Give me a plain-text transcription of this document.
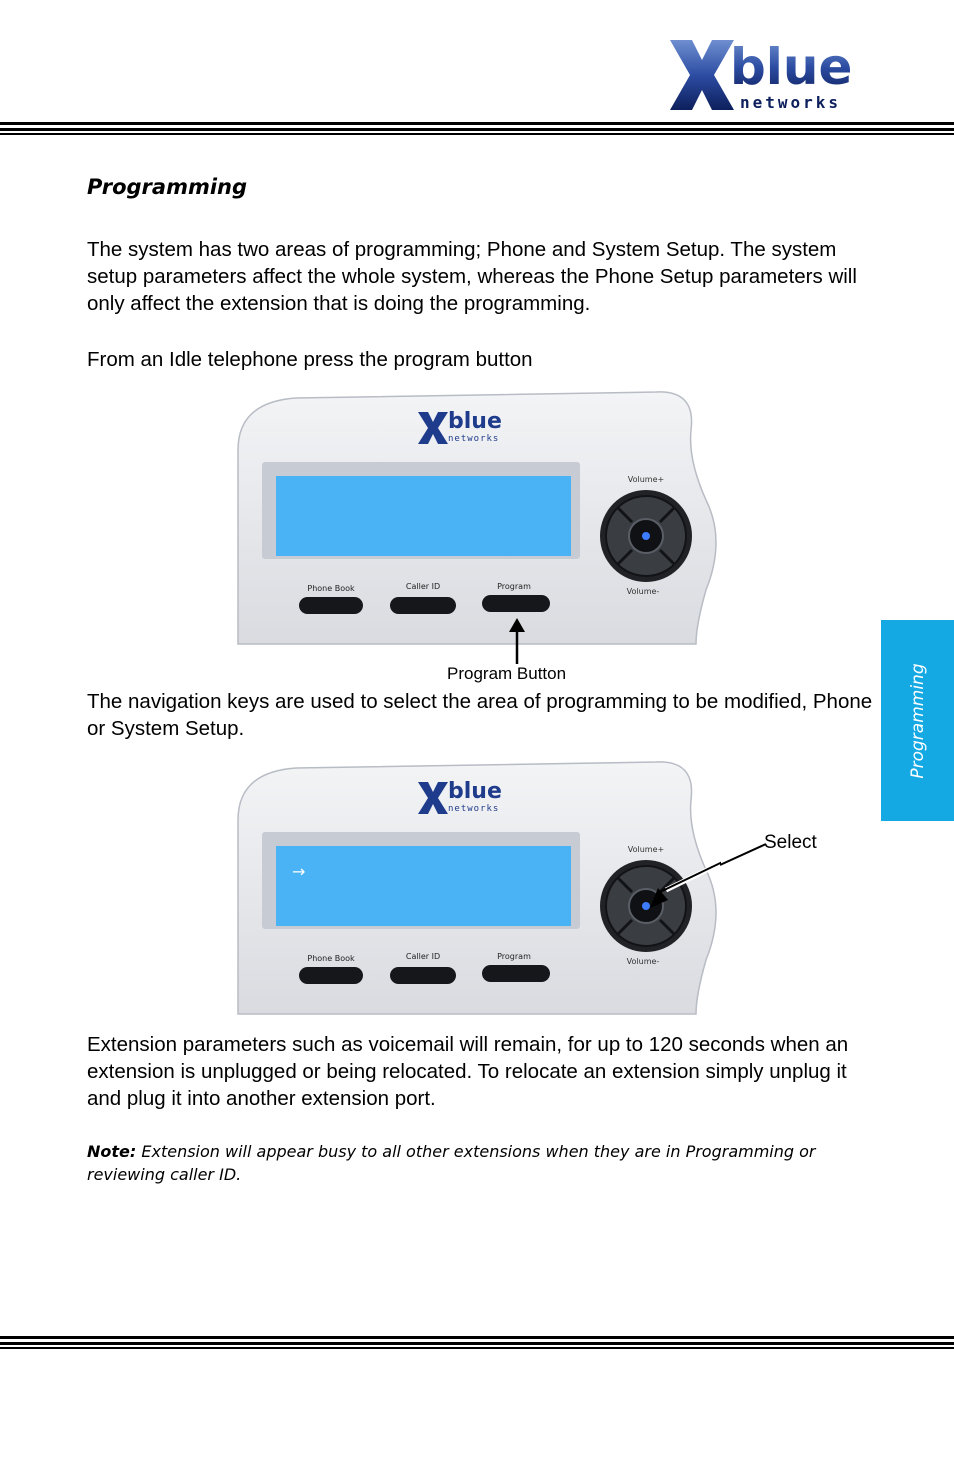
blue
networks
Programming

The system has two areas of programming; Phone and System Setup. The system setup parameters affect the whole system, whereas the Phone Setup parameters will only affect the extension that is doing the programming.

From an Idle telephone press the program button

blue
networks
Volume+
Volume-
Phone Book	Caller ID	Program
Program Button

The navigation keys are used to select the area of programming to be modified, Phone or System Setup.

blue
networks
→
Volume+
Volume-
Phone Book	Caller ID	Program
Select

Extension parameters such as voicemail will remain, for up to 120 seconds when an extension is unplugged or being relocated. To relocate an extension simply unplug it and plug it into another extension port.

Note: Extension will appear busy to all other extensions when they are in Programming or reviewing caller ID.

Programming
